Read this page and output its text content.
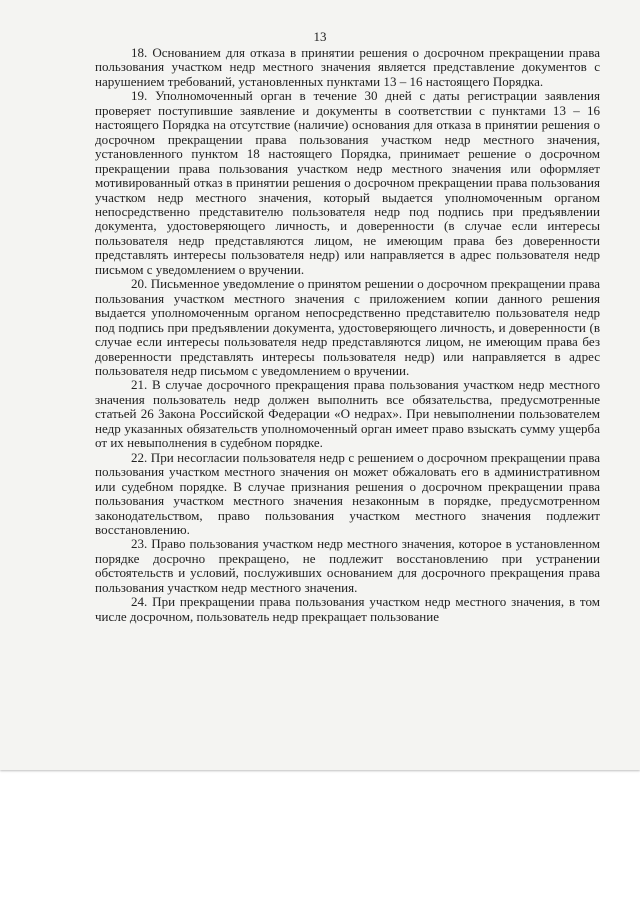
13

18. Основанием для отказа в принятии решения о досрочном прекращении права пользования участком недр местного значения является представление документов с нарушением требований, установленных пунктами 13 – 16 настоящего Порядка.

19. Уполномоченный орган в течение 30 дней с даты регистрации заявления проверяет поступившие заявление и документы в соответствии с пунктами 13 – 16 настоящего Порядка на отсутствие (наличие) основания для отказа в принятии решения о досрочном прекращении права пользования участком недр местного значения, установленного пунктом 18 настоящего Порядка, принимает решение о досрочном прекращении права пользования участком недр местного значения или оформляет мотивированный отказ в принятии решения о досрочном прекращении права пользования участком недр местного значения, который выдается уполномоченным органом непосредственно представителю пользователя недр под подпись при предъявлении документа, удостоверяющего личность, и доверенности (в случае если интересы пользователя недр представляются лицом, не имеющим права без доверенности представлять интересы пользователя недр) или направляется в адрес пользователя недр письмом с уведомлением о вручении.

20. Письменное уведомление о принятом решении о досрочном прекращении права пользования участком местного значения с приложением копии данного решения выдается уполномоченным органом непосредственно представителю пользователя недр под подпись при предъявлении документа, удостоверяющего личность, и доверенности (в случае если интересы пользователя недр представляются лицом, не имеющим права без доверенности представлять интересы пользователя недр) или направляется в адрес пользователя недр письмом с уведомлением о вручении.

21. В случае досрочного прекращения права пользования участком недр местного значения пользователь недр должен выполнить все обязательства, предусмотренные статьей 26 Закона Российской Федерации «О недрах». При невыполнении пользователем недр указанных обязательств уполномоченный орган имеет право взыскать сумму ущерба от их невыполнения в судебном порядке.

22. При несогласии пользователя недр с решением о досрочном прекращении права пользования участком местного значения он может обжаловать его в административном или судебном порядке. В случае признания решения о досрочном прекращении права пользования участком местного значения незаконным в порядке, предусмотренном законодательством, право пользования участком местного значения подлежит восстановлению.

23. Право пользования участком недр местного значения, которое в установленном порядке досрочно прекращено, не подлежит восстановлению при устранении обстоятельств и условий, послуживших основанием для досрочного прекращения права пользования участком недр местного значения.

24. При прекращении права пользования участком недр местного значения, в том числе досрочном, пользователь недр прекращает пользование
